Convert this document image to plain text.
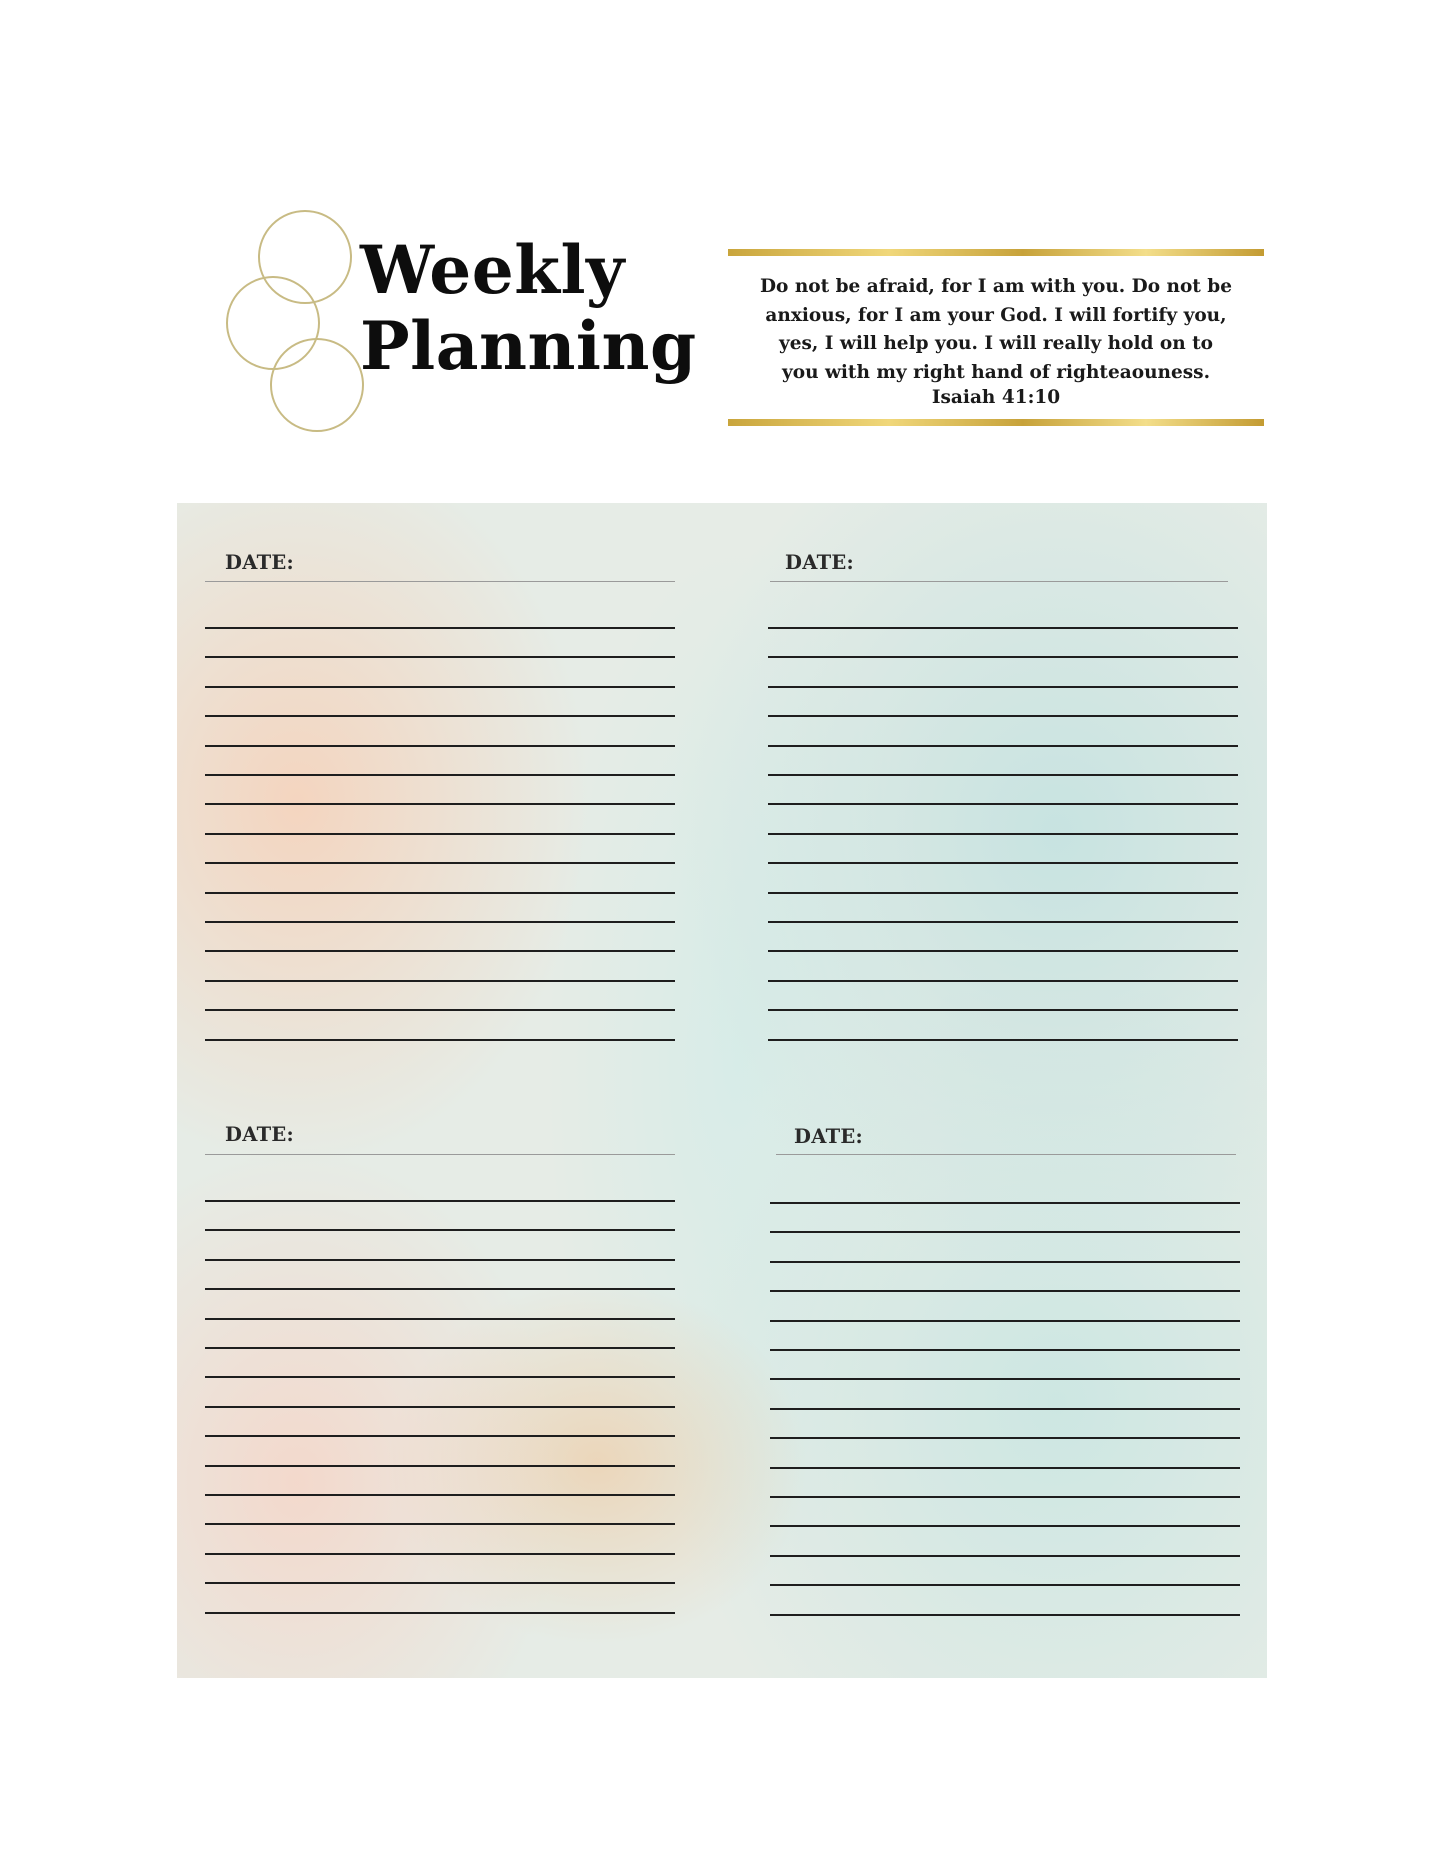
Weekly
Planning
Do not be afraid, for I am with you. Do not be
anxious, for I am your God. I will fortify you,
yes, I will help you. I will really hold on to
you with my right hand of righteaouness.
Isaiah 41:10
DATE:	DATE:
DATE:	DATE:
